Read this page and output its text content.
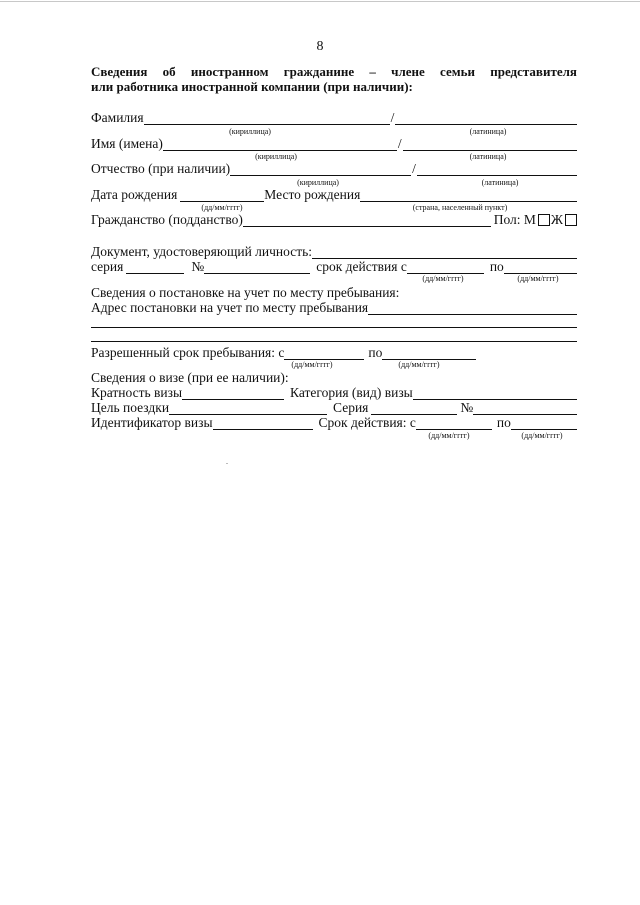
8
Сведения об иностранном гражданине – члене семьи представителя
или работника иностранной компании (при наличии):
Фамилия	/
(кириллица)	(латиница)
Имя (имена)	/
(кириллица)	(латиница)
Отчество (при наличии)	/
(кириллица)	(латиница)
Дата рождения	Место рождения
(дд/мм/гггг)	(страна, населенный пункт)
Гражданство (подданство)	Пол: М Ж
Документ, удостоверяющий личность:
серия	№	срок действия с	по
(дд/мм/гггг)	(дд/мм/гггг)
Сведения о постановке на учет по месту пребывания:
Адрес постановки на учет по месту пребывания
Разрешенный срок пребывания: с	по
(дд/мм/гггг)	(дд/мм/гггг)
Сведения о визе (при ее наличии):
Кратность визы	Категория (вид) визы
Цель поездки	Серия	№
Идентификатор визы	Срок действия: с	по
(дд/мм/гггг)	(дд/мм/гггг)
